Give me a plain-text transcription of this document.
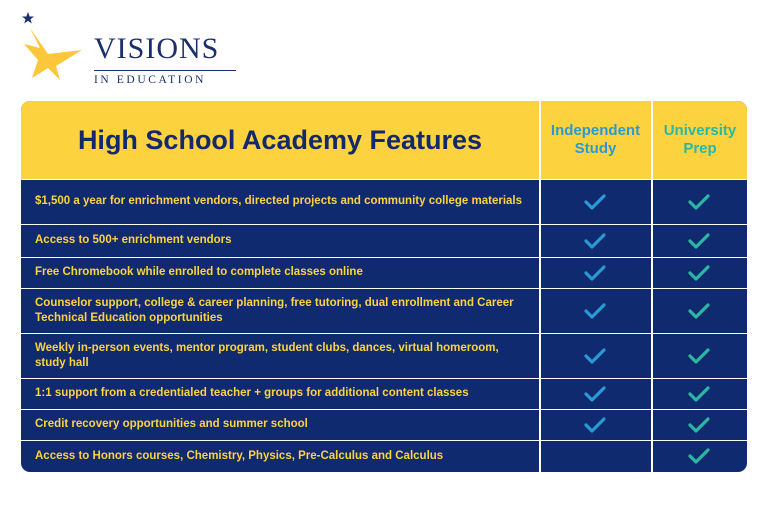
VISIONS
IN EDUCATION
High School Academy Features	Independent Study
University Prep
$1,500 a year for enrichment vendors, directed projects and community college materials
Access to 500+ enrichment vendors
Free Chromebook while enrolled to complete classes online
Counselor support, college & career planning, free tutoring, dual enrollment and Career Technical Education opportunities
Weekly in-person events, mentor program, student clubs, dances, virtual homeroom, study hall
1:1 support from a credentialed teacher + groups for additional content classes
Credit recovery opportunities and summer school
Access to Honors courses, Chemistry, Physics, Pre-Calculus and Calculus
